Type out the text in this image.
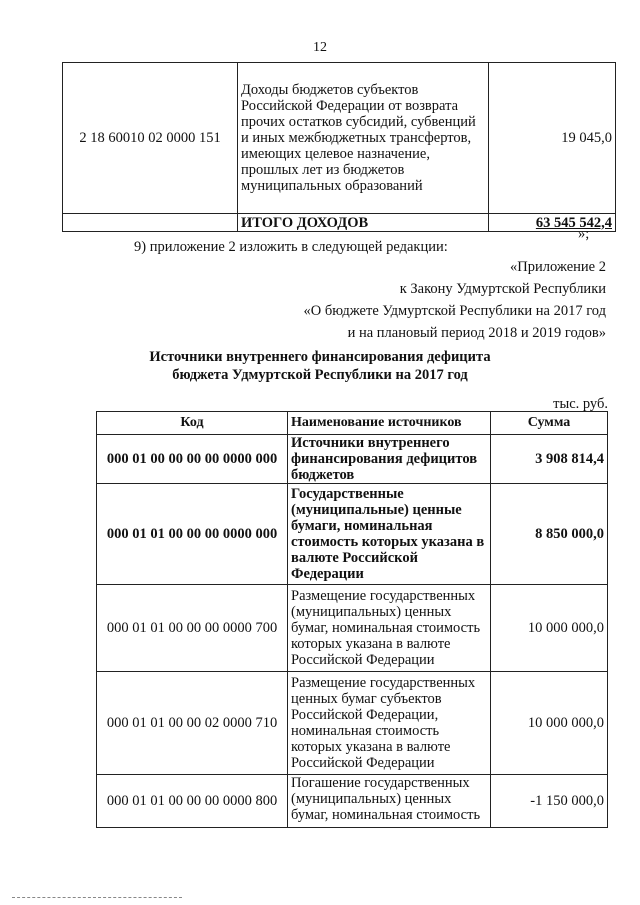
12
2 18 60010 02 0000 151	Доходы бюджетов субъектов Российской Федерации от возврата прочих остатков субсидий, субвенций и иных межбюджетных трансфертов, имеющих целевое назначение, прошлых лет из бюджетов муниципальных образований	19 045,0
	ИТОГО ДОХОДОВ	63 545 542,4
»;
9) приложение 2 изложить в следующей редакции:
«Приложение 2
к Закону Удмуртской Республики
«О бюджете Удмуртской Республики на 2017 год
и на плановый период 2018 и 2019 годов»
Источники внутреннего финансирования дефицита
бюджета Удмуртской Республики на 2017 год
тыс. руб.
Код	Наименование источников	Сумма
000 01 00 00 00 00 0000 000	Источники внутреннего финансирования дефицитов бюджетов	3 908 814,4
000 01 01 00 00 00 0000 000	Государственные (муниципальные) ценные бумаги, номинальная стоимость которых указана в валюте Российской Федерации	8 850 000,0
000 01 01 00 00 00 0000 700	Размещение государственных (муниципальных) ценных бумаг, номинальная стоимость которых указана в валюте Российской Федерации	10 000 000,0
000 01 01 00 00 02 0000 710	Размещение государственных ценных бумаг субъектов Российской Федерации, номинальная стоимость которых указана в валюте Российской Федерации	10 000 000,0
000 01 01 00 00 00 0000 800	Погашение государственных (муниципальных) ценных бумаг, номинальная стоимость	-1 150 000,0
